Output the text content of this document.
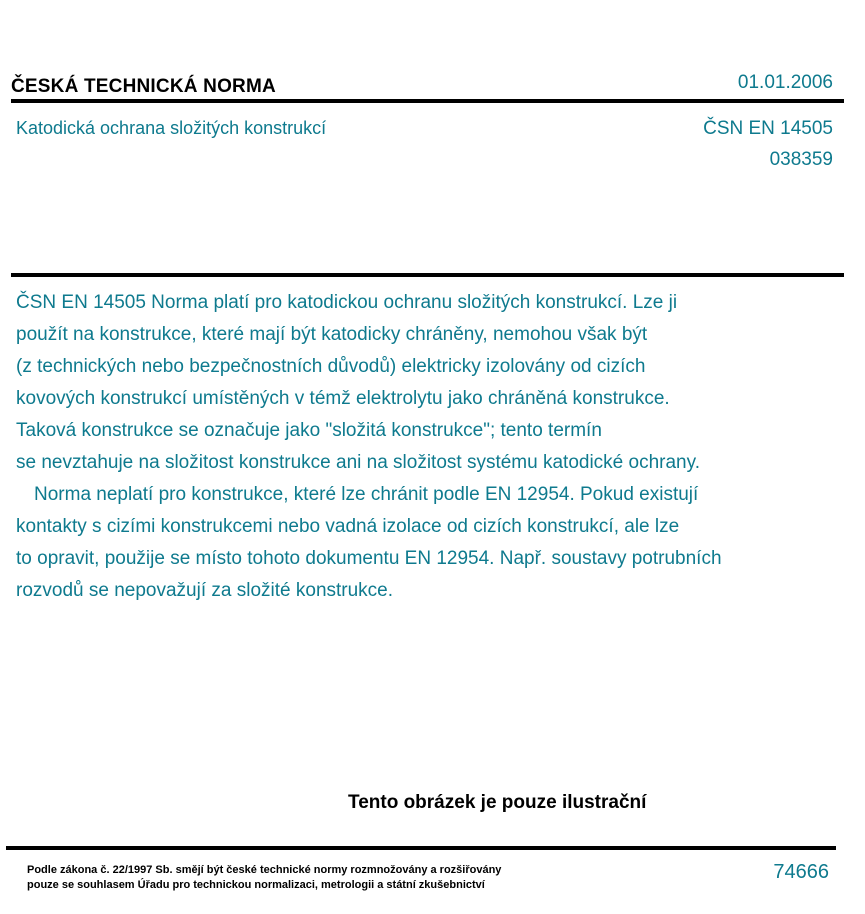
ČESKÁ TECHNICKÁ NORMA	01.01.2006
Katodická ochrana složitých konstrukcí	ČSN EN 14505
038359

ČSN EN 14505 Norma platí pro katodickou ochranu složitých konstrukcí. Lze ji

použít na konstrukce, které mají být katodicky chráněny, nemohou však být

(z technických nebo bezpečnostních důvodů) elektricky izolovány od cizích

kovových konstrukcí umístěných v témž elektrolytu jako chráněná konstrukce.

Taková konstrukce se označuje jako "složitá konstrukce"; tento termín

se nevztahuje na složitost konstrukce ani na složitost systému katodické ochrany.

Norma neplatí pro konstrukce, které lze chránit podle EN 12954. Pokud existují

kontakty s cizími konstrukcemi nebo vadná izolace od cizích konstrukcí, ale lze

to opravit, použije se místo tohoto dokumentu EN 12954. Např. soustavy potrubních

rozvodů se nepovažují za složité konstrukce.

Tento obrázek je pouze ilustrační

Podle zákona č. 22/1997 Sb. smějí být české technické normy rozmnožovány a rozšiřovány

pouze se souhlasem Úřadu pro technickou normalizaci, metrologii a státní zkušebnictví

74666
